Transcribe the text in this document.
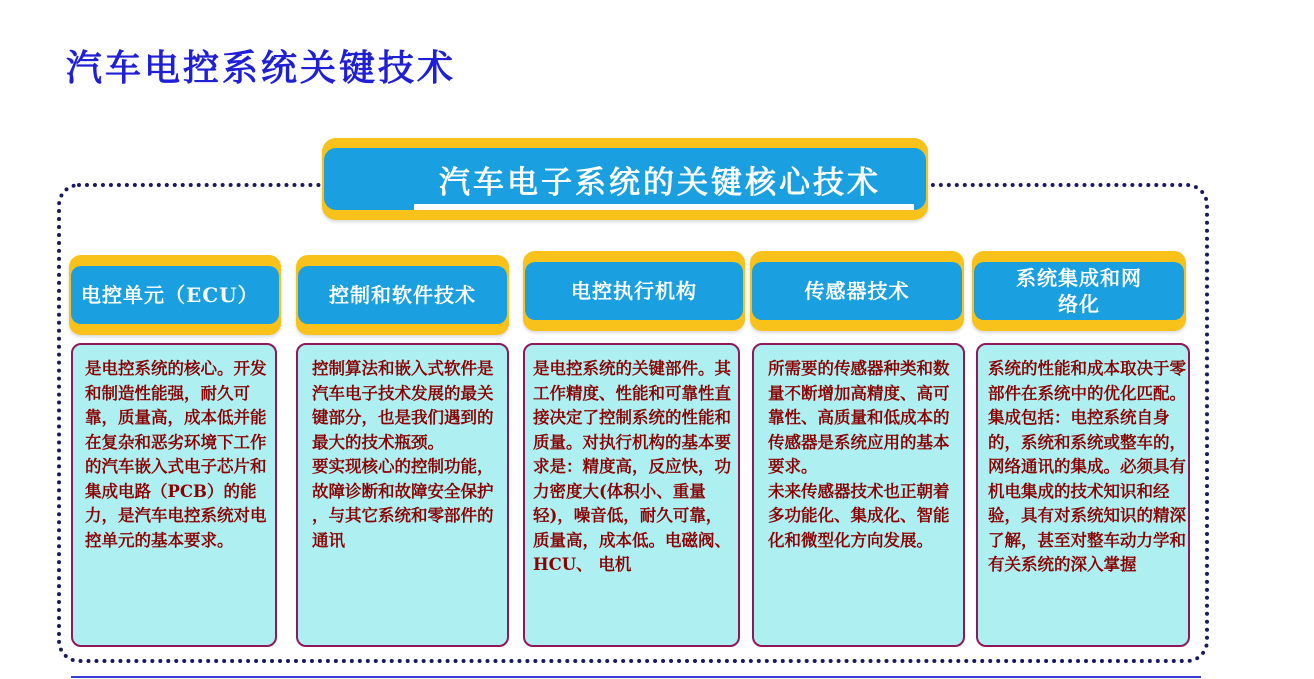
汽车电控系统关键技术
汽车电子系统的关键核心技术
电控单元（ECU）

是电控系统的核心。开发和制造性能强，耐久可靠，质量高，成本低并能在复杂和恶劣环境下工作的汽车嵌入式电子芯片和集成电路（PCB）的能力，是汽车电控系统对电控单元的基本要求。

控制和软件技术

控制算法和嵌入式软件是汽车电子技术发展的最关键部分，也是我们遇到的最大的技术瓶颈。

要实现核心的控制功能，故障诊断和故障安全保护 ，与其它系统和零部件的通讯

电控执行机构

是电控系统的关键部件。其工作精度、性能和可靠性直接决定了控制系统的性能和质量。对执行机构的基本要求是：精度高，反应快，功力密度大(体积小、重量轻)，噪音低，耐久可靠，质量高，成本低。电磁阀、HCU、 电机

传感器技术

所需要的传感器种类和数量不断增加高精度、高可靠性、高质量和低成本的传感器是系统应用的基本要求。

未来传感器技术也正朝着多功能化、集成化、智能化和微型化方向发展。

系统集成和网
络化

系统的性能和成本取决于零部件在系统中的优化匹配。集成包括：电控系统自身的，系统和系统或整车的，网络通讯的集成。必须具有机电集成的技术知识和经验，具有对系统知识的精深了解，甚至对整车动力学和有关系统的深入掌握
